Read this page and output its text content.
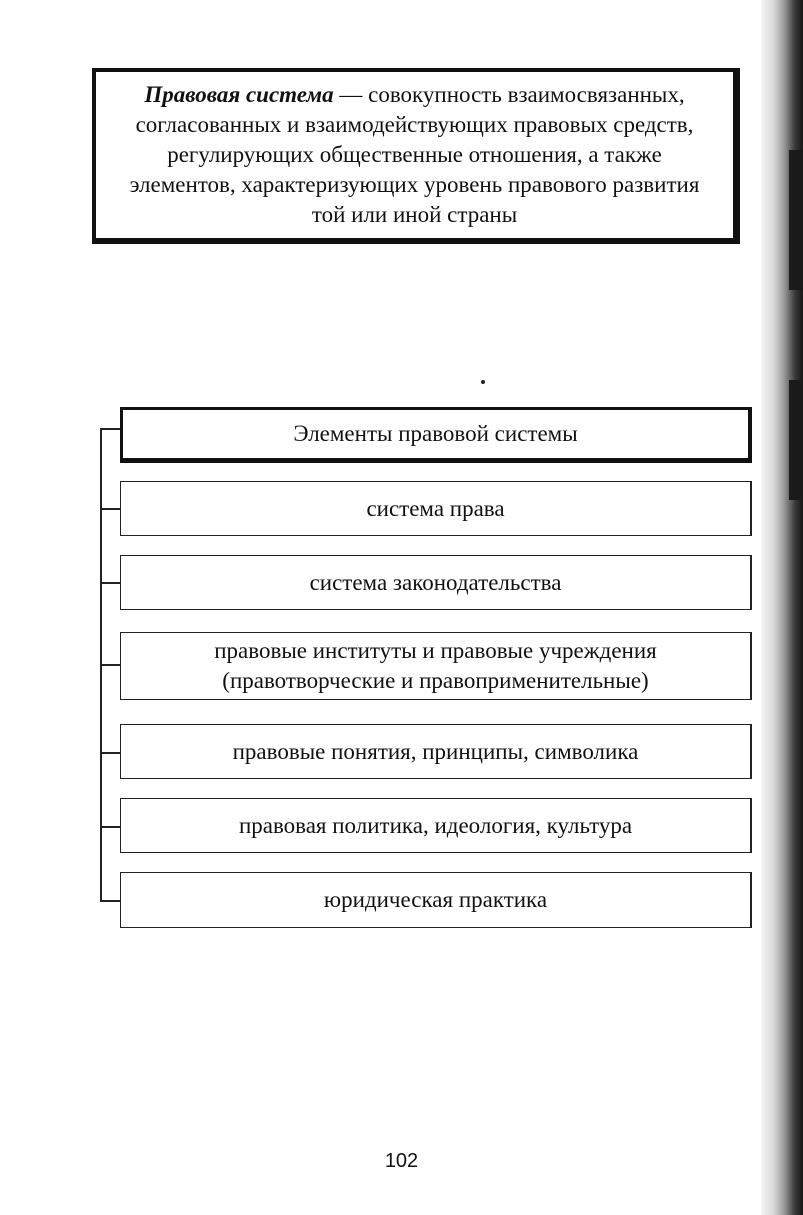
Правовая система — совокупность взаимосвязанных, согласованных и взаимодействующих правовых средств, регулирующих общественные отношения, а также элементов, характеризующих уровень правового развития той или иной страны
Элементы правовой системы
система права
система законодательства
правовые институты и правовые учреждения
(правотворческие и правоприменительные)
правовые понятия, принципы, символика
правовая политика, идеология, культура
юридическая практика
102
